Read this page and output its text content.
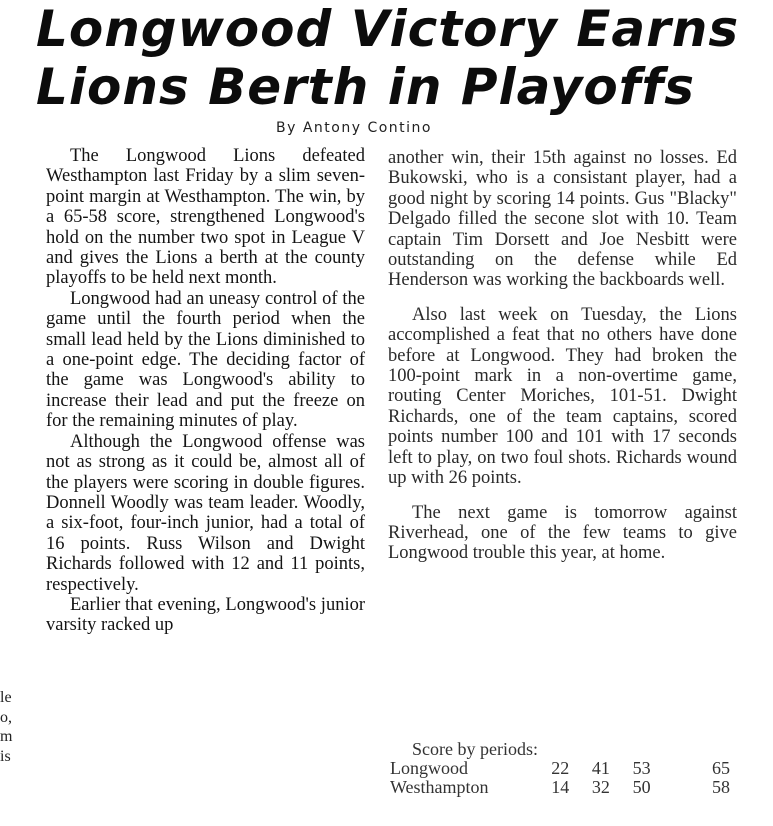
Longwood Victory Earns
Lions Berth in Playoffs
By Antony Contino

The Longwood Lions defeated Westhampton last Friday by a slim seven-point margin at Westhampton. The win, by a 65-58 score, strengthened Longwood's hold on the number two spot in League V and gives the Lions a berth at the county playoffs to be held next month.

Longwood had an uneasy control of the game until the fourth period when the small lead held by the Lions diminished to a one-point edge. The deciding factor of the game was Longwood's ability to increase their lead and put the freeze on for the remaining minutes of play.

Although the Longwood offense was not as strong as it could be, almost all of the players were scoring in double figures. Donnell Woodly was team leader. Woodly, a six-foot, four-inch junior, had a total of 16 points. Russ Wilson and Dwight Richards followed with 12 and 11 points, respectively.

Earlier that evening, Longwood's junior varsity racked up

another win, their 15th against no losses. Ed Bukowski, who is a consistant player, had a good night by scoring 14 points. Gus "Blacky" Delgado filled the secone slot with 10. Team captain Tim Dorsett and Joe Nesbitt were outstanding on the defense while Ed Henderson was working the backboards well.

Also last week on Tuesday, the Lions accomplished a feat that no others have done before at Longwood. They had broken the 100-point mark in a non-overtime game, routing Center Moriches, 101-51. Dwight Richards, one of the team captains, scored points number 100 and 101 with 17 seconds left to play, on two foul shots. Richards wound up with 26 points.

The next game is tomorrow against Riverhead, one of the few teams to give Longwood trouble this year, at home.

Score by periods:
Longwood	22	41	53	65
Westhampton	14	32	50	58
le
o,
m
is
